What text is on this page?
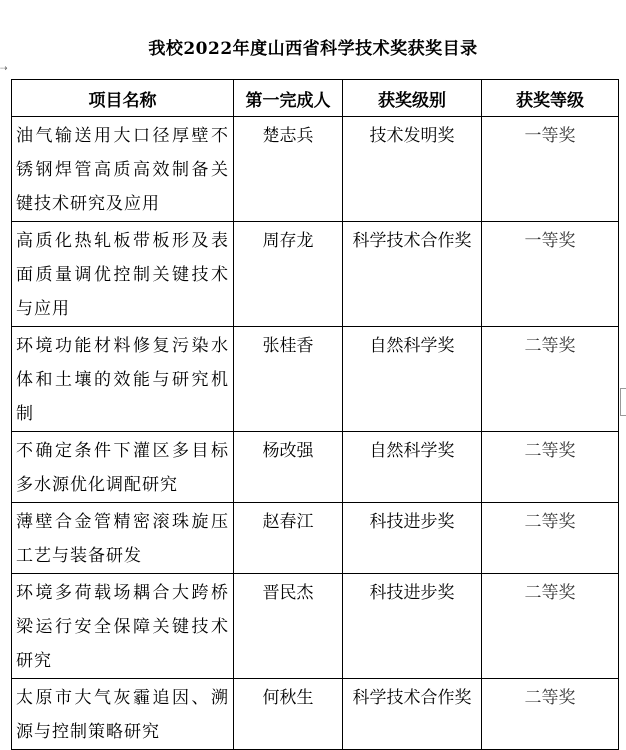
我校2022年度山西省科学技术奖获奖目录
⇢
项目名称	第一完成人	获奖级别	获奖等级
油气输送用大口径厚壁不锈钢焊管高质高效制备关键技术研究及应用	楚志兵	技术发明奖	一等奖
高质化热轧板带板形及表面质量调优控制关键技术与应用	周存龙	科学技术合作奖	一等奖
环境功能材料修复污染水体和土壤的效能与研究机制	张桂香	自然科学奖	二等奖
不确定条件下灌区多目标多水源优化调配研究	杨改强	自然科学奖	二等奖
薄壁合金管精密滚珠旋压工艺与装备研发	赵春江	科技进步奖	二等奖
环境多荷载场耦合大跨桥梁运行安全保障关键技术研究	晋民杰	科技进步奖	二等奖
太原市大气灰霾追因、溯源与控制策略研究	何秋生	科学技术合作奖	二等奖
